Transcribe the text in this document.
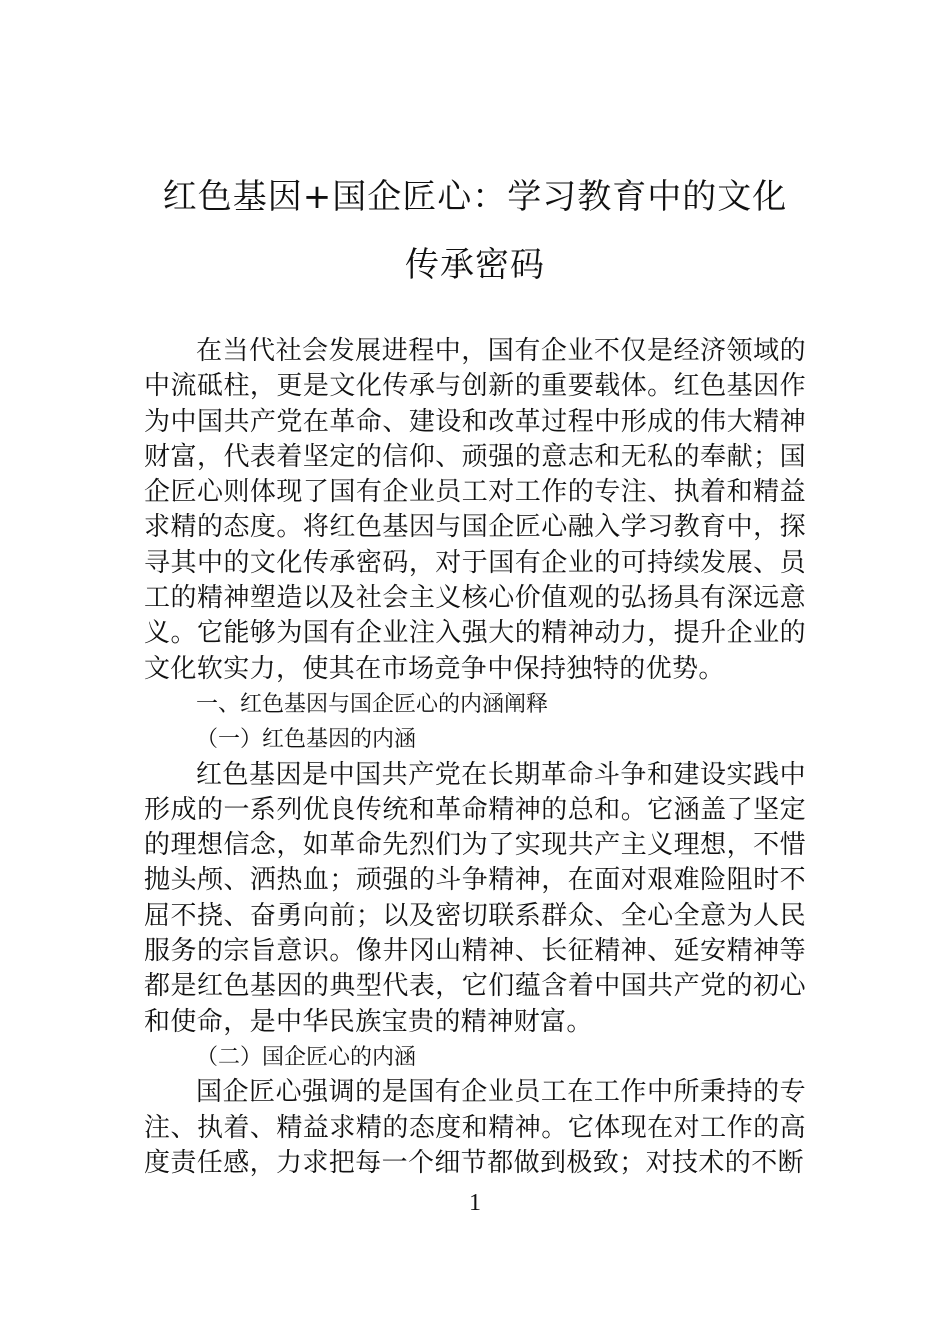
红色基因+国企匠心：学习教育中的文化
传承密码

在当代社会发展进程中，国有企业不仅是经济领域的中流砥柱，更是文化传承与创新的重要载体。红色基因作为中国共产党在革命、建设和改革过程中形成的伟大精神财富，代表着坚定的信仰、顽强的意志和无私的奉献；国企匠心则体现了国有企业员工对工作的专注、执着和精益求精的态度。将红色基因与国企匠心融入学习教育中，探寻其中的文化传承密码，对于国有企业的可持续发展、员工的精神塑造以及社会主义核心价值观的弘扬具有深远意义。它能够为国有企业注入强大的精神动力，提升企业的文化软实力，使其在市场竞争中保持独特的优势。

一、红色基因与国企匠心的内涵阐释

（一）红色基因的内涵

红色基因是中国共产党在长期革命斗争和建设实践中形成的一系列优良传统和革命精神的总和。它涵盖了坚定的理想信念，如革命先烈们为了实现共产主义理想，不惜抛头颅、洒热血；顽强的斗争精神，在面对艰难险阻时不屈不挠、奋勇向前；以及密切联系群众、全心全意为人民服务的宗旨意识。像井冈山精神、长征精神、延安精神等都是红色基因的典型代表，它们蕴含着中国共产党的初心和使命，是中华民族宝贵的精神财富。

（二）国企匠心的内涵

国企匠心强调的是国有企业员工在工作中所秉持的专注、执着、精益求精的态度和精神。它体现在对工作的高度责任感，力求把每一个细节都做到极致；对技术的不断

1
